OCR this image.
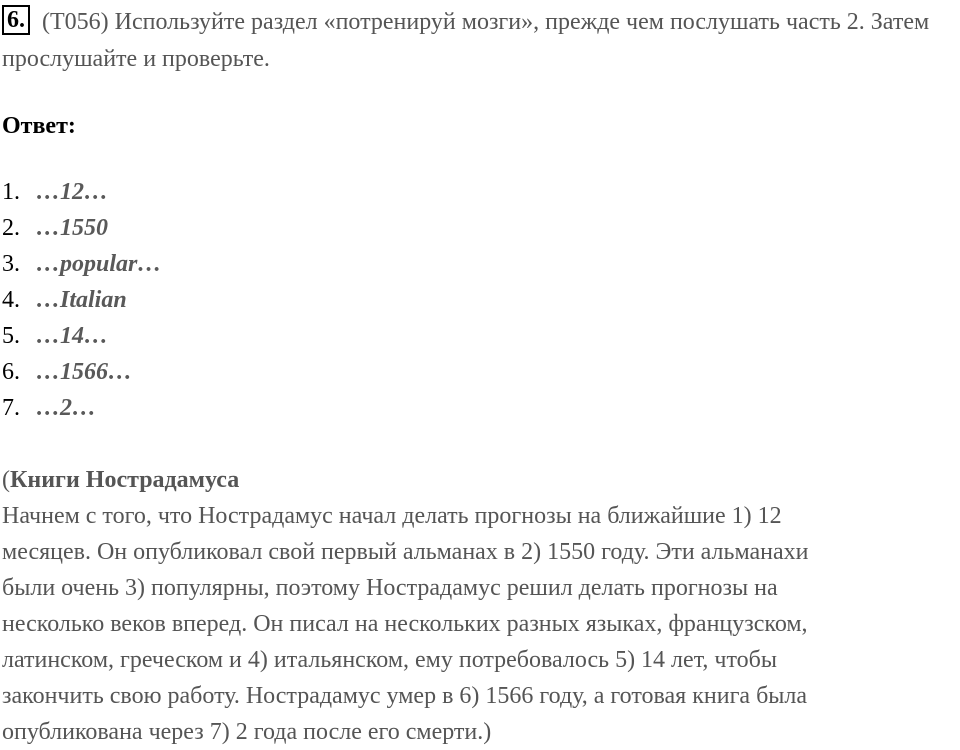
6. (T056) Используйте раздел «потренируй мозги», прежде чем послушать часть 2. Затем прослушайте и проверьте.
Ответ:
1. …12…
2. …1550
3. …popular…
4. …Italian
5. …14…
6. …1566…
7. …2…
(Книги Нострадамуса
Начнем с того, что Нострадамус начал делать прогнозы на ближайшие 1) 12
месяцев. Он опубликовал свой первый альманах в 2) 1550 году. Эти альманахи
были очень 3) популярны, поэтому Нострадамус решил делать прогнозы на
несколько веков вперед. Он писал на нескольких разных языках, французском,
латинском, греческом и 4) итальянском, ему потребовалось 5) 14 лет, чтобы
закончить свою работу. Нострадамус умер в 6) 1566 году, а готовая книга была
опубликована через 7) 2 года после его смерти.)
